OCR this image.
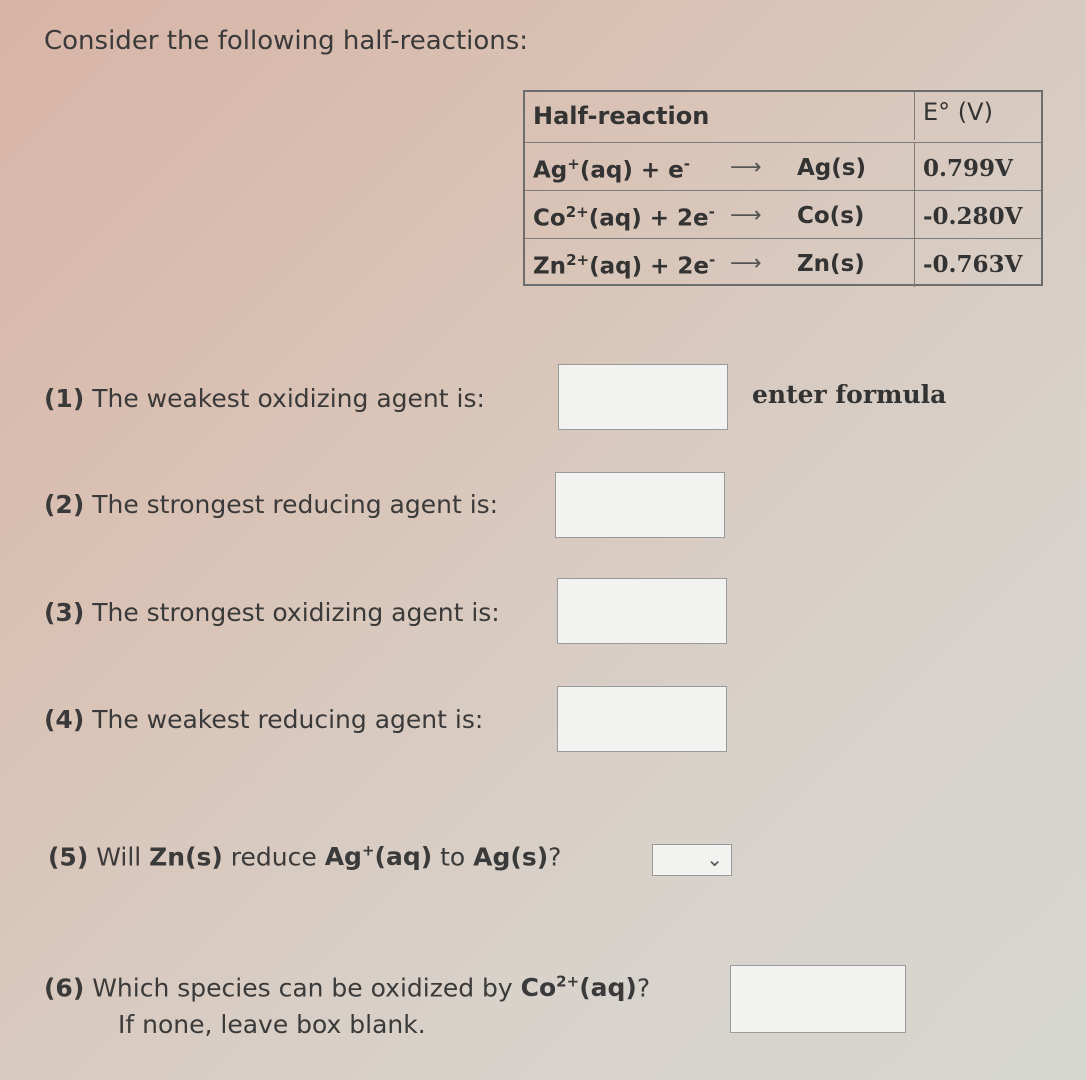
Consider the following half-reactions:
Half-reaction	E° (V)
Ag+(aq) + e- ⟶ Ag(s) 0.799V
$Co^{2+}(aq) + 2e^-$ ⟶ Co(s)	-0.280V
$Zn^{2+}(aq) + 2e^-$ ⟶ Zn(s)	-0.763V
(1) The weakest oxidizing agent is:	enter formula
(2) The strongest reducing agent is:
(3) The strongest oxidizing agent is:
(4) The weakest reducing agent is:
(5) Will Zn(s) reduce Ag+(aq) to Ag(s)?	⌄
(6) Which species can be oxidized by $Co^{2+}(aq)$?
If none, leave box blank.
